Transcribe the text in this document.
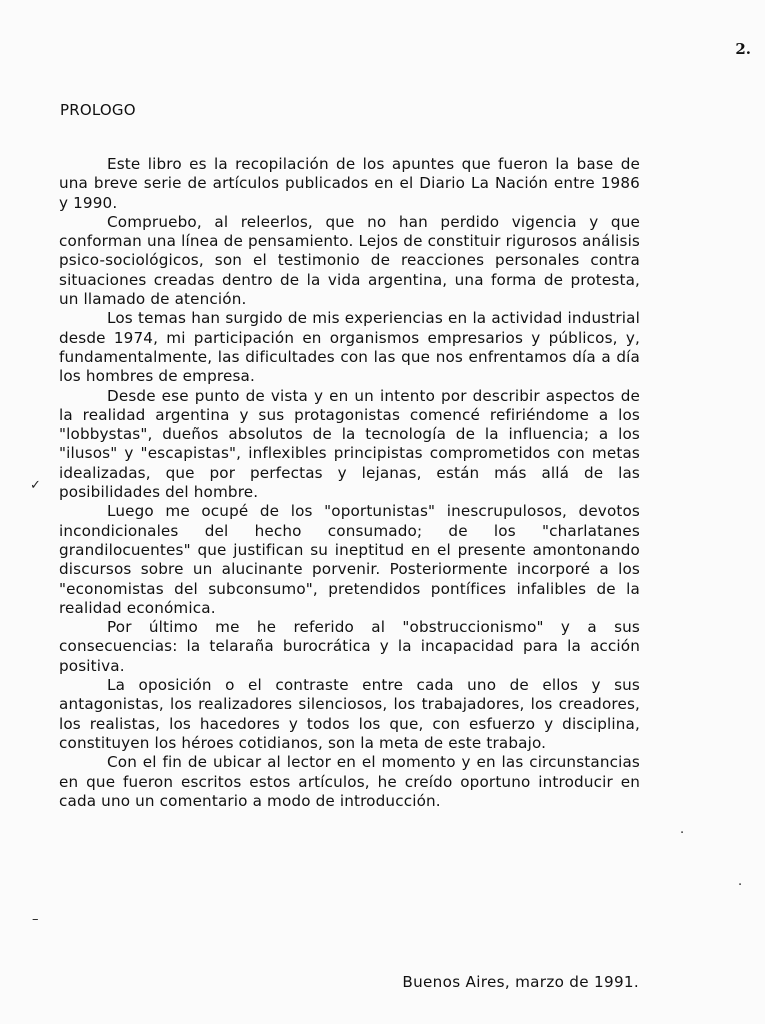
2.
PROLOGO

Este libro es la recopilación de los apuntes que fueron la base de una breve serie de artículos publicados en el Diario La Nación entre 1986 y 1990.

Compruebo, al releerlos, que no han perdido vigencia y que conforman una línea de pensamiento. Lejos de constituir rigurosos análisis psico-sociológicos, son el testimonio de reacciones personales contra situaciones creadas dentro de la vida argentina, una forma de protesta, un llamado de atención.

Los temas han surgido de mis experiencias en la actividad industrial desde 1974, mi participación en organismos empresarios y públicos, y, fundamentalmente, las dificultades con las que nos enfrentamos día a día los hombres de empresa.

Desde ese punto de vista y en un intento por describir aspectos de la realidad argentina y sus protagonistas comencé refiriéndome a los "lobbystas", dueños absolutos de la tecnología de la influencia; a los "ilusos" y "escapistas", inflexibles principistas comprometidos con metas idealizadas, que por perfectas y lejanas, están más allá de las posibilidades del hombre.

Luego me ocupé de los "oportunistas" inescrupulosos, devotos incondicionales del hecho consumado; de los "charlatanes grandilocuentes" que justifican su ineptitud en el presente amontonando discursos sobre un alucinante porvenir. Posteriormente incorporé a los "economistas del subconsumo", pretendidos pontífices infalibles de la realidad económica.

Por último me he referido al "obstruccionismo" y a sus consecuencias: la telaraña burocrática y la incapacidad para la acción positiva.

La oposición o el contraste entre cada uno de ellos y sus antagonistas, los realizadores silenciosos, los trabajadores, los creadores, los realistas, los hacedores y todos los que, con esfuerzo y disciplina, constituyen los héroes cotidianos, son la meta de este trabajo.

Con el fin de ubicar al lector en el momento y en las circunstancias en que fueron escritos estos artículos, he creído oportuno introducir en cada uno un comentario a modo de introducción.

Buenos Aires, marzo de 1991.
✓
–
·
·
